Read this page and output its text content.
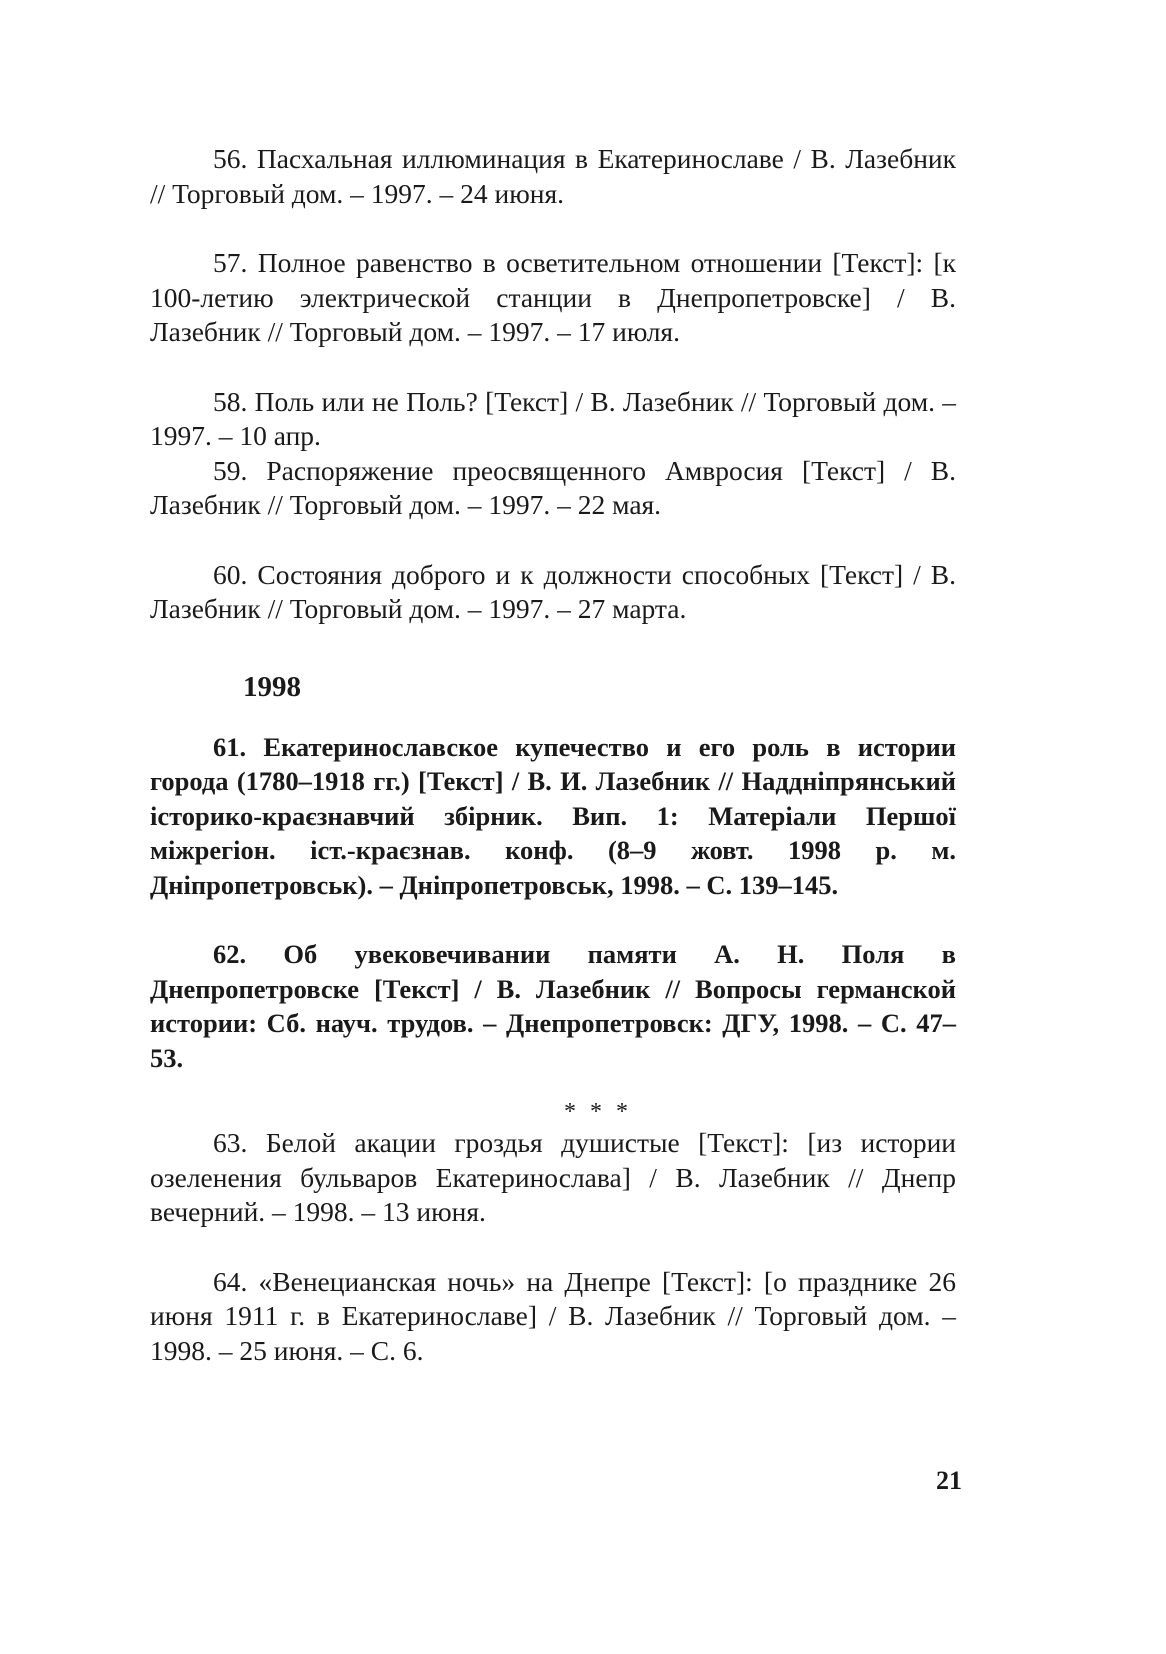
56. Пасхальная иллюминация в Екатеринославе / В. Лазебник // Торговый дом. – 1997. – 24 июня.

57. Полное равенство в осветительном отношении [Текст]: [к 100-летию электрической станции в Днепропетровске] / В. Лазебник // Торговый дом. – 1997. – 17 июля.

58. Поль или не Поль? [Текст] / В. Лазебник // Торговый дом. – 1997. – 10 апр.

59. Распоряжение преосвященного Амвросия [Текст] / В. Лазебник // Торговый дом. – 1997. – 22 мая.

60. Состояния доброго и к должности способных [Текст] / В. Лазебник // Торговый дом. – 1997. – 27 марта.

1998

61. Екатеринославское купечество и его роль в истории города (1780–1918 гг.) [Текст] / В. И. Лазебник // Наддніпрянський історико-краєзнавчий збірник. Вип. 1: Матеріали Першої міжрегіон. іст.-краєзнав. конф. (8–9 жовт. 1998 р. м. Дніпропетровськ). – Дніпропетровськ, 1998. – С. 139–145.

62. Об увековечивании памяти А. Н. Поля в Днепропетровске [Текст] / В. Лазебник // Вопросы германской истории: Сб. науч. трудов. – Днепропетровск: ДГУ, 1998. – С. 47–53.

* * *

63. Белой акации гроздья душистые [Текст]: [из истории озеленения бульваров Екатеринослава] / В. Лазебник // Днепр вечерний. – 1998. – 13 июня.

64. «Венецианская ночь» на Днепре [Текст]: [о празднике 26 июня 1911 г. в Екатеринославе] / В. Лазебник // Торговый дом. – 1998. – 25 июня. – С. 6.

21
